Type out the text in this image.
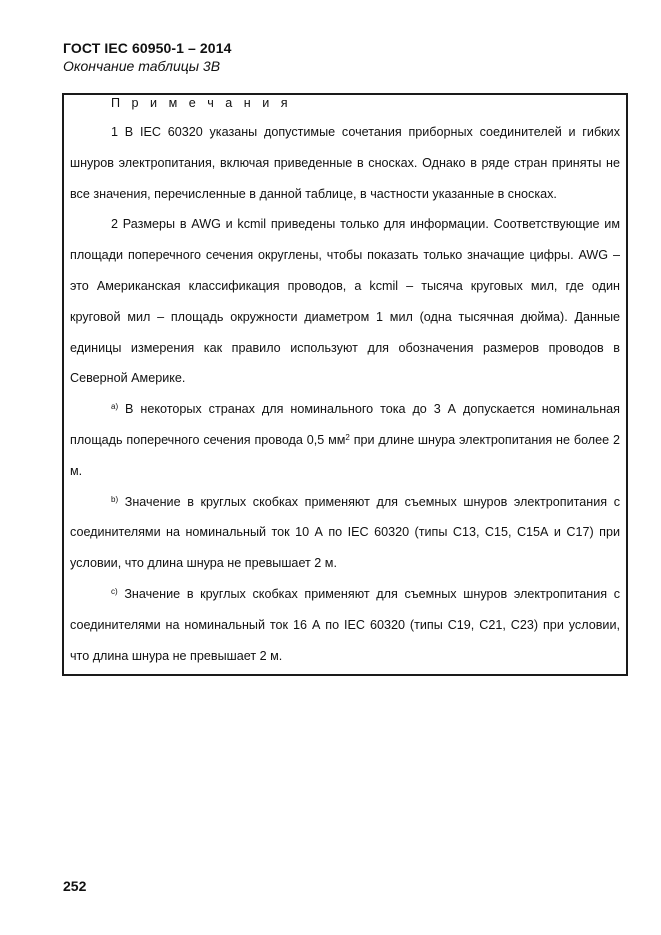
ГОСТ IEC 60950-1 – 2014
Окончание таблицы 3В

П р и м е ч а н и я

1 В IEC 60320 указаны допустимые сочетания приборных соединителей и гибких шнуров электропитания, включая приведенные в сносках. Однако в ряде стран приняты не все значения, перечисленные в данной таблице, в частности указанные в сносках.

2 Размеры в AWG и kcmil приведены только для информации. Соответствующие им площади поперечного сечения округлены, чтобы показать только значащие цифры. AWG – это Американская классификация проводов, а kcmil – тысяча круговых мил, где один круговой мил – площадь окружности диаметром 1 мил (одна тысячная дюйма). Данные единицы измерения как правило используют для обозначения размеров проводов в Северной Америке.

$^{a)}$ В некоторых странах для номинального тока до 3 А допускается номинальная площадь поперечного сечения провода 0,5 $мм^2$ при длине шнура электропитания не более 2 м.

$^{b)}$ Значение в круглых скобках применяют для съемных шнуров электропитания с соединителями на номинальный ток 10 А по IEC 60320 (типы С13, С15, С15А и С17) при условии, что длина шнура не превышает 2 м.

$^{c)}$ Значение в круглых скобках применяют для съемных шнуров электропитания с соединителями на номинальный ток 16 А по IEC 60320 (типы С19, С21, С23) при условии, что длина шнура не превышает 2 м.

252
